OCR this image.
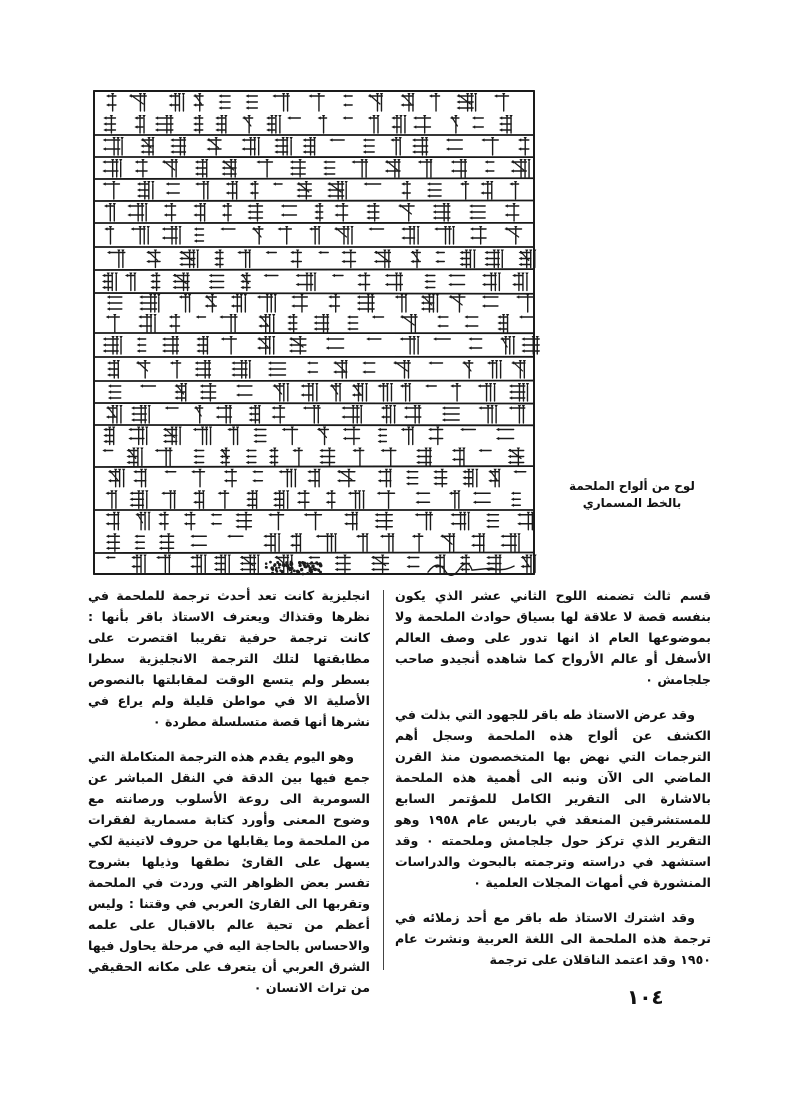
لوح من ألواح الملحمة
بالخط المسماري

قسم ثالث تضمنه اللوح الثاني عشر الذي يكون بنفسه قصة لا علاقة لها بسياق حوادث الملحمة ولا بموضوعها العام اذ انها تدور على وصف العالم الأسفل أو عالم الأرواح كما شاهده أنجيدو صاحب جلجامش ٠

وقد عرض الاستاذ طه باقر للجهود التي بذلت في الكشف عن ألواح هذه الملحمة وسجل أهم الترجمات التي نهض بها المتخصصون منذ القرن الماضي الى الآن ونبه الى أهمية هذه الملحمة بالاشارة الى التقرير الكامل للمؤتمر السابع للمستشرقين المنعقد في باريس عام ١٩٥٨ وهو التقرير الذي تركز حول جلجامش وملحمته ٠ وقد استشهد في دراسته وترجمته بالبحوث والدراسات المنشورة في أمهات المجلات العلمية ٠

وقد اشترك الاستاذ طه باقر مع أحد زملائه في ترجمة هذه الملحمة الى اللغة العربية ونشرت عام ١٩٥٠ وقد اعتمد الناقلان على ترجمة

انجليزية كانت تعد أحدث ترجمة للملحمة في نظرها وقتذاك ويعترف الاستاذ باقر بأنها : كانت ترجمة حرفية تقريبا اقتصرت على مطابقتها لتلك الترجمة الانجليزية سطرا بسطر ولم يتسع الوقت لمقابلتها بالنصوص الأصلية الا في مواطن قليلة ولم يراع في نشرها أنها قصة متسلسلة مطردة ٠

وهو اليوم يقدم هذه الترجمة المتكاملة التي جمع فيها بين الدقة في النقل المباشر عن السومرية الى روعة الأسلوب ورصانته مع وضوح المعنى وأورد كتابة مسمارية لفقرات من الملحمة وما يقابلها من حروف لاتينية لكي يسهل على القارئ نطقها وذيلها بشروح تفسر بعض الظواهر التي وردت في الملحمة وتقربها الى القارئ العربي في وقتنا : وليس أعظم من تحية عالم بالاقبال على علمه والاحساس بالحاجة اليه في مرحلة يحاول فيها الشرق العربي أن يتعرف على مكانه الحقيقي من تراث الانسان ٠	١٠٤
